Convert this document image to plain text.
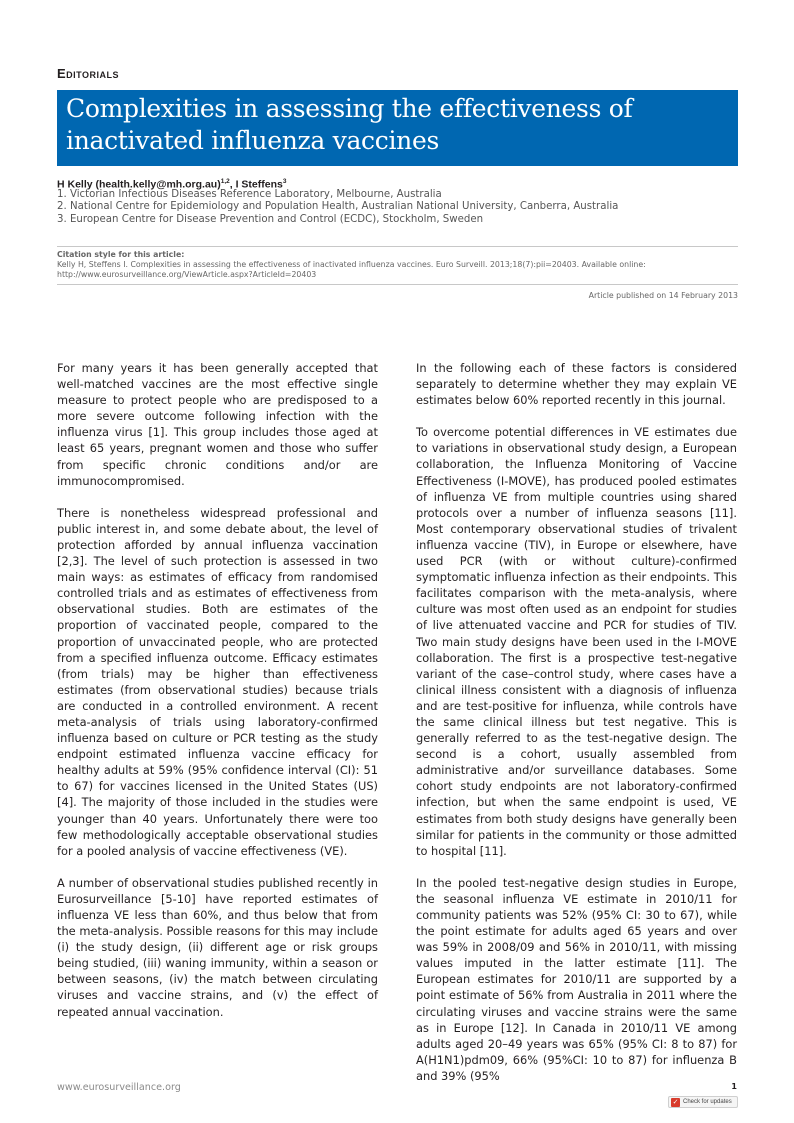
Editorials
Complexities in assessing the effectiveness of inactivated influenza vaccines
H Kelly (health.kelly@mh.org.au)$^{1,2}$, I Steffens$^3$
1. Victorian Infectious Diseases Reference Laboratory, Melbourne, Australia
2. National Centre for Epidemiology and Population Health, Australian National University, Canberra, Australia
3. European Centre for Disease Prevention and Control (ECDC), Stockholm, Sweden
Citation style for this article:
Kelly H, Steffens I. Complexities in assessing the effectiveness of inactivated influenza vaccines. Euro Surveill. 2013;18(7):pii=20403. Available online: http://www.eurosurveillance.org/ViewArticle.aspx?ArticleId=20403
Article published on 14 February 2013

For many years it has been generally accepted that well-matched vaccines are the most effective single measure to protect people who are predisposed to a more severe outcome following infection with the influenza virus [1]. This group includes those aged at least 65 years, pregnant women and those who suffer from specific chronic conditions and/or are immunocompromised.

There is nonetheless widespread professional and public interest in, and some debate about, the level of protection afforded by annual influenza vaccination [2,3]. The level of such protection is assessed in two main ways: as estimates of efficacy from randomised controlled trials and as estimates of effectiveness from observational studies. Both are estimates of the proportion of vaccinated people, compared to the proportion of unvaccinated people, who are protected from a specified influenza outcome. Efficacy estimates (from trials) may be higher than effectiveness estimates (from observational studies) because trials are conducted in a controlled environment. A recent meta-analysis of trials using laboratory-confirmed influenza based on culture or PCR testing as the study endpoint estimated influenza vaccine efficacy for healthy adults at 59% (95% confidence interval (CI): 51 to 67) for vaccines licensed in the United States (US) [4]. The majority of those included in the studies were younger than 40 years. Unfortunately there were too few methodologically acceptable observational studies for a pooled analysis of vaccine effectiveness (VE).

A number of observational studies published recently in Eurosurveillance [5-10] have reported estimates of influenza VE less than 60%, and thus below that from the meta-analysis. Possible reasons for this may include (i) the study design, (ii) different age or risk groups being studied, (iii) waning immunity, within a season or between seasons, (iv) the match between circulating viruses and vaccine strains, and (v) the effect of repeated annual vaccination.

In the following each of these factors is considered separately to determine whether they may explain VE estimates below 60% reported recently in this journal.

To overcome potential differences in VE estimates due to variations in observational study design, a European collaboration, the Influenza Monitoring of Vaccine Effectiveness (I-MOVE), has produced pooled estimates of influenza VE from multiple countries using shared protocols over a number of influenza seasons [11]. Most contemporary observational studies of trivalent influenza vaccine (TIV), in Europe or elsewhere, have used PCR (with or without culture)-confirmed symptomatic influenza infection as their endpoints. This facilitates comparison with the meta-analysis, where culture was most often used as an endpoint for studies of live attenuated vaccine and PCR for studies of TIV. Two main study designs have been used in the I-MOVE collaboration. The first is a prospective test-negative variant of the case–control study, where cases have a clinical illness consistent with a diagnosis of influenza and are test-positive for influenza, while controls have the same clinical illness but test negative. This is generally referred to as the test-negative design. The second is a cohort, usually assembled from administrative and/or surveillance databases. Some cohort study endpoints are not laboratory-confirmed infection, but when the same endpoint is used, VE estimates from both study designs have generally been similar for patients in the community or those admitted to hospital [11].

In the pooled test-negative design studies in Europe, the seasonal influenza VE estimate in 2010/11 for community patients was 52% (95% CI: 30 to 67), while the point estimate for adults aged 65 years and over was 59% in 2008/09 and 56% in 2010/11, with missing values imputed in the latter estimate [11]. The European estimates for 2010/11 are supported by a point estimate of 56% from Australia in 2011 where the circulating viruses and vaccine strains were the same as in Europe [12]. In Canada in 2010/11 VE among adults aged 20–49 years was 65% (95% CI: 8 to 87) for A(H1N1)pdm09, 66% (95%CI: 10 to 87) for influenza B and 39% (95%

www.eurosurveillance.org	1
✓ Check for updates
